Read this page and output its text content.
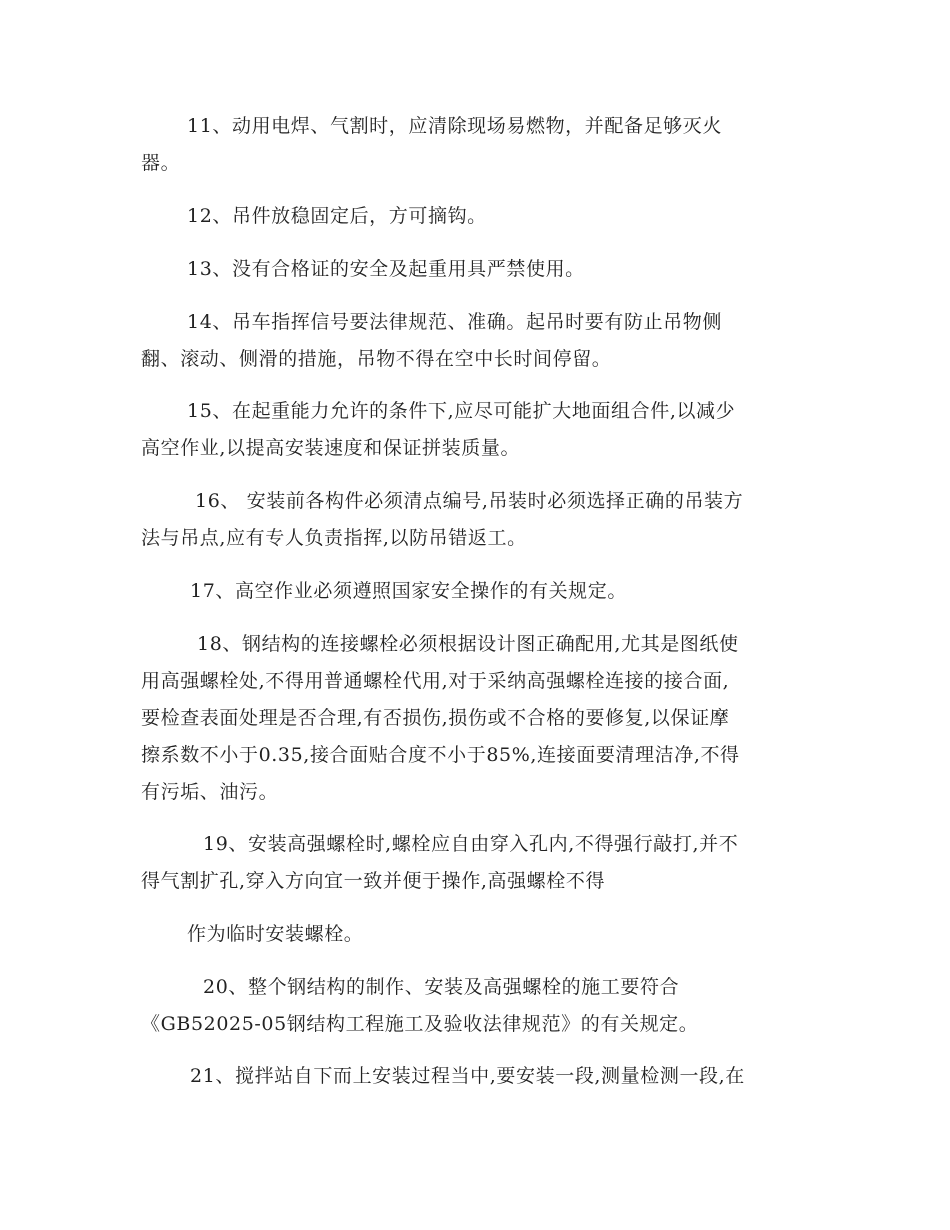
11、动用电焊、气割时，应清除现场易燃物，并配备足够灭火
器。
12、吊件放稳固定后，方可摘钩。
13、没有合格证的安全及起重用具严禁使用。
14、吊车指挥信号要法律规范、准确。起吊时要有防止吊物侧
翻、滚动、侧滑的措施，吊物不得在空中长时间停留。
15、在起重能力允许的条件下,应尽可能扩大地面组合件,以减少
高空作业,以提高安装速度和保证拼装质量。
16、 安装前各构件必须清点编号,吊装时必须选择正确的吊装方
法与吊点,应有专人负责指挥,以防吊错返工。
17、高空作业必须遵照国家安全操作的有关规定。
18、钢结构的连接螺栓必须根据设计图正确配用,尤其是图纸使
用高强螺栓处,不得用普通螺栓代用,对于采纳高强螺栓连接的接合面,
要检查表面处理是否合理,有否损伤,损伤或不合格的要修复,以保证摩
擦系数不小于0.35,接合面贴合度不小于85%,连接面要清理洁净,不得
有污垢、油污。
19、安装高强螺栓时,螺栓应自由穿入孔内,不得强行敲打,并不
得气割扩孔,穿入方向宜一致并便于操作,高强螺栓不得
作为临时安装螺栓。
20、整个钢结构的制作、安装及高强螺栓的施工要符合
《GB52025-05钢结构工程施工及验收法律规范》的有关规定。
21、搅拌站自下而上安装过程当中,要安装一段,测量检测一段,在
